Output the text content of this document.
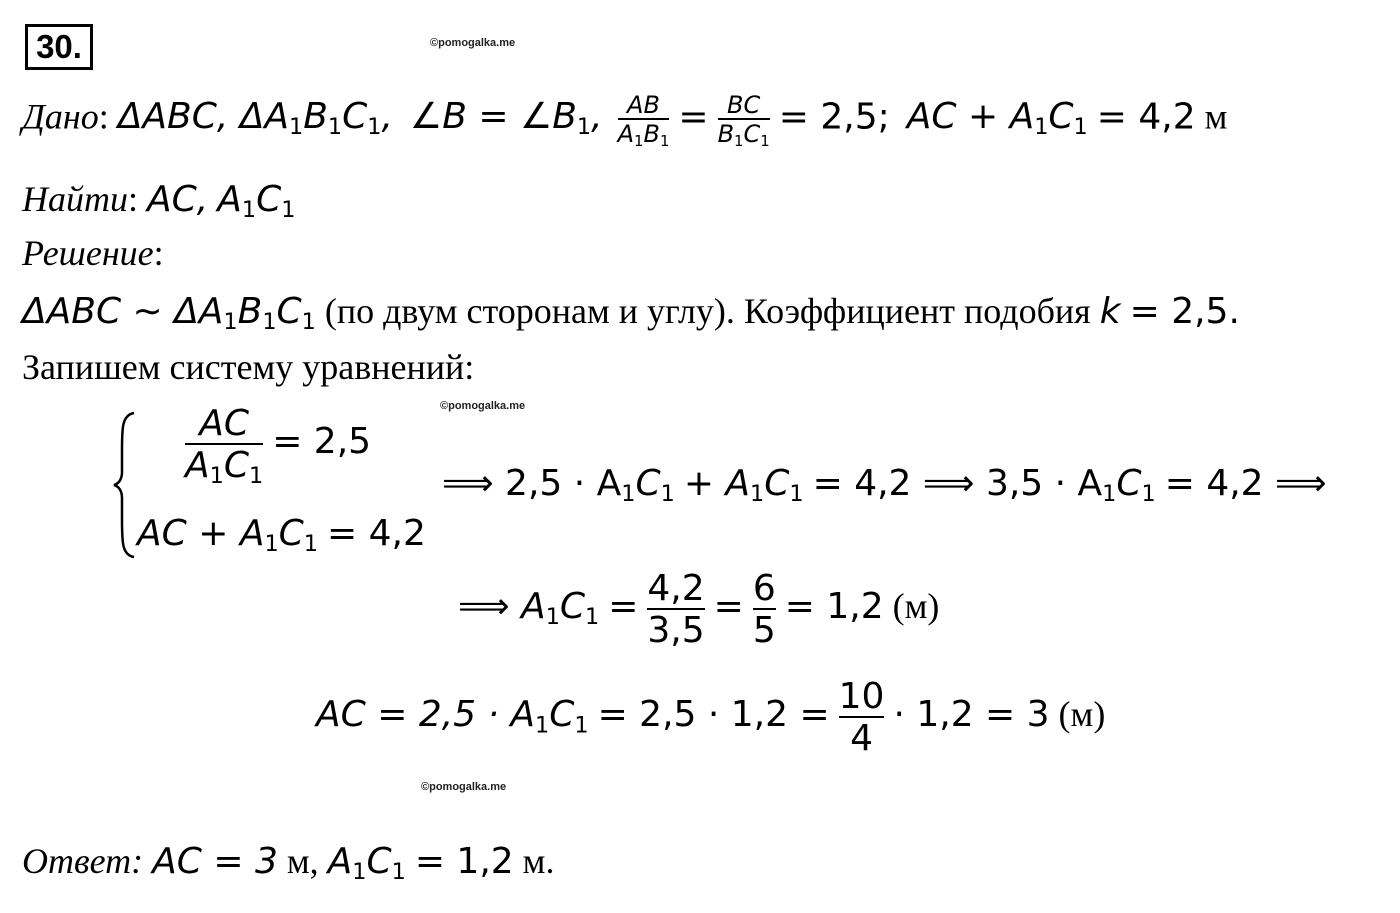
30.	©pomogalka.me
©pomogalka.me
©pomogalka.me
Дано: ΔABC, $\Delta A_1B_1C_1$, ∠B = $\angle B_1$, $\frac{AB}{A_1B_1} = \frac{BC}{B_1C_1} = 2,5$; AC + $A_1C_1 = 4,2$ м
Найти: AC, $A_1C_1$
Решение:
ΔABC ∼ $\Delta A_1B_1C_1$ (по двум сторонам и углу). Коэффициент подобия k = 2,5.
Запишем систему уравнений:
$\frac{AC}{A_1C_1} = 2,5$
AC + $A_1C_1 = 4,2$
⟹ $2,5 \cdot A_1C_1 + A_1C_1 = 4,2$ ⟹ $3,5 \cdot A_1C_1 = 4,2$ ⟹
⟹ $A_1C_1 = \frac{4,2}{3,5} = \frac{6}{5} = 1,2$ (м)
AC = $2,5 \cdot A_1C_1 = 2,5 \cdot 1,2 = \frac{10}{4} \cdot 1,2 = 3$ (м)
Ответ: AC = 3 м, $A_1C_1 = 1,2$ м.
